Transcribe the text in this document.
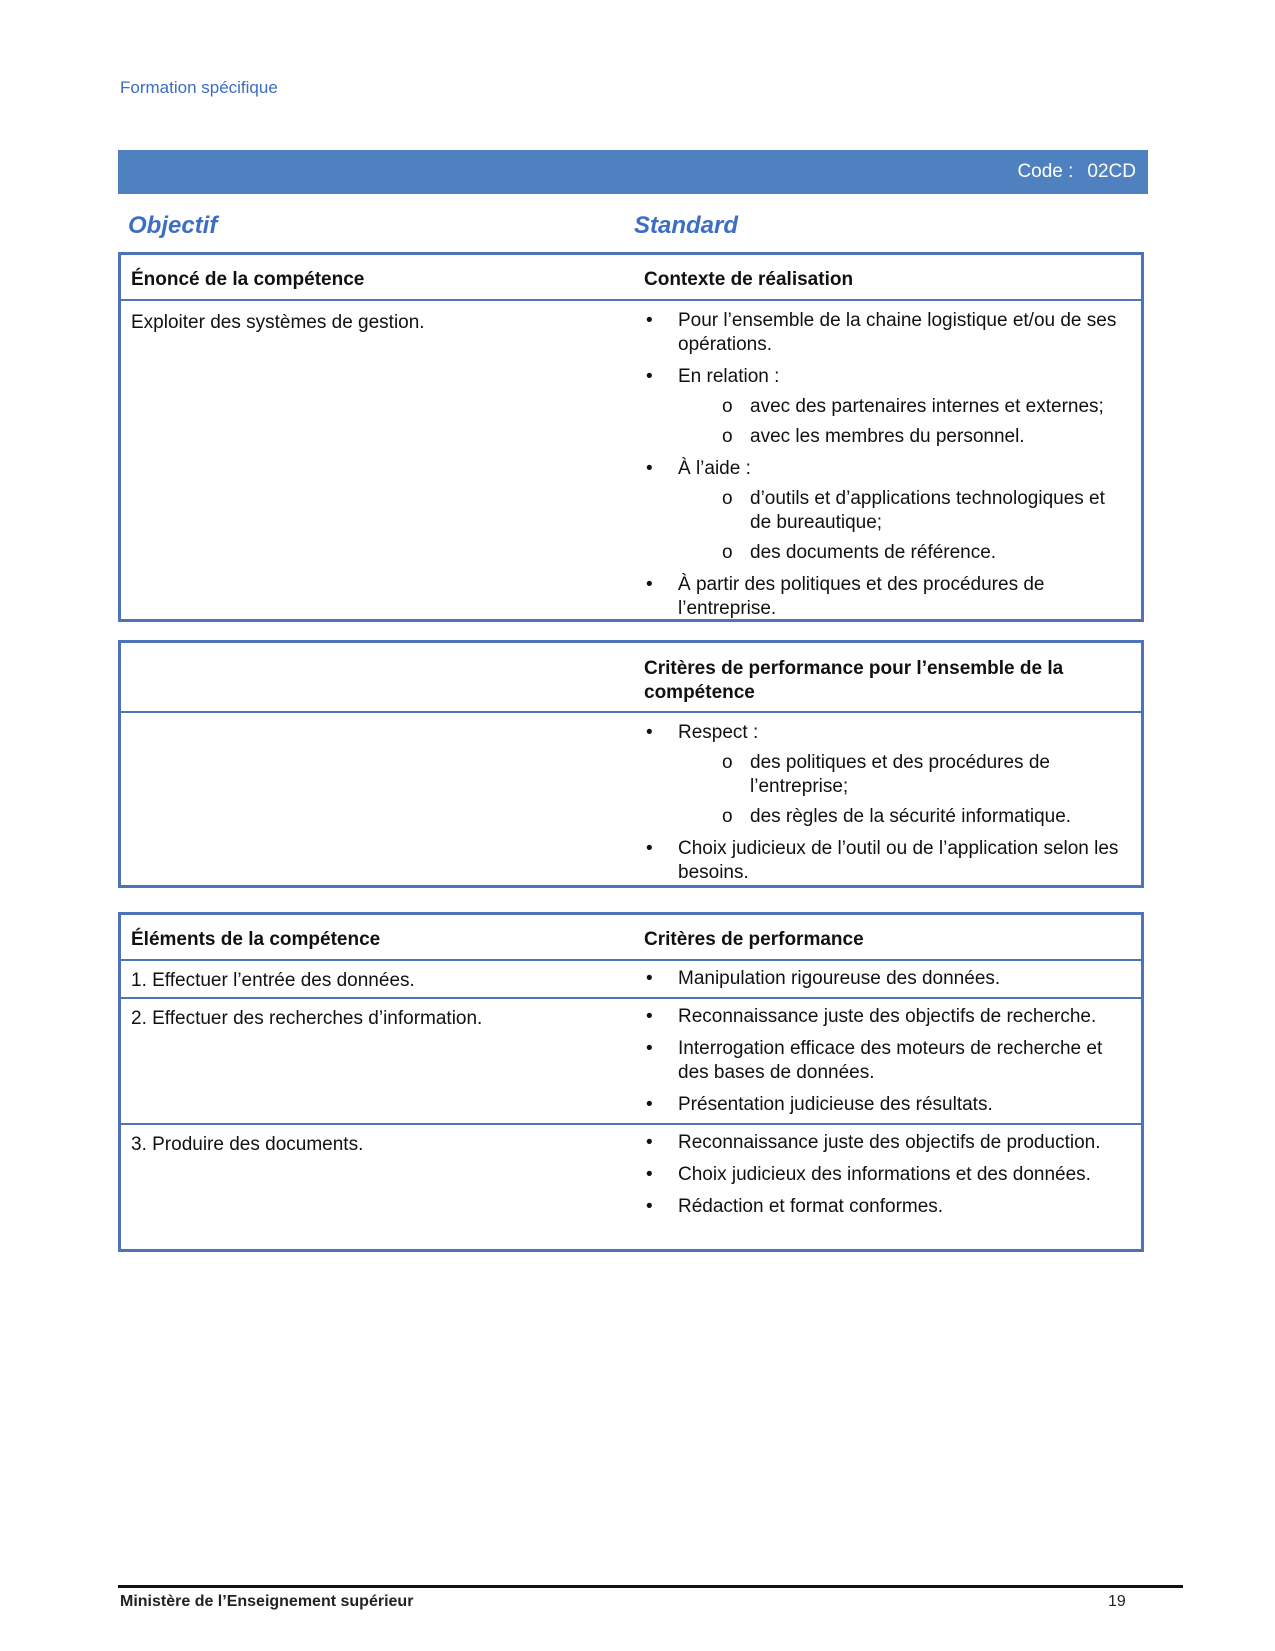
Formation spécifique
Code : 02CD
Objectif	Standard
Énoncé de la compétence	Contexte de réalisation
Exploiter des systèmes de gestion.	• Pour l’ensemble de la chaine logistique et/ou de ses opérations.
• En relation :
o avec des partenaires internes et externes;
o avec les membres du personnel.
• À l’aide :
o d’outils et d’applications technologiques et de bureautique;
o des documents de référence.
• À partir des politiques et des procédures de l’entreprise.
Critères de performance pour l’ensemble de la compétence
• Respect :
o des politiques et des procédures de l’entreprise;
o des règles de la sécurité informatique.
• Choix judicieux de l’outil ou de l’application selon les besoins.
Éléments de la compétence	Critères de performance
1. Effectuer l’entrée des données.	• Manipulation rigoureuse des données.
2. Effectuer des recherches d’information.	• Reconnaissance juste des objectifs de recherche.
• Interrogation efficace des moteurs de recherche et des bases de données.
• Présentation judicieuse des résultats.
3. Produire des documents.	• Reconnaissance juste des objectifs de production.
• Choix judicieux des informations et des données.
• Rédaction et format conformes.
Ministère de l’Enseignement supérieur	19
